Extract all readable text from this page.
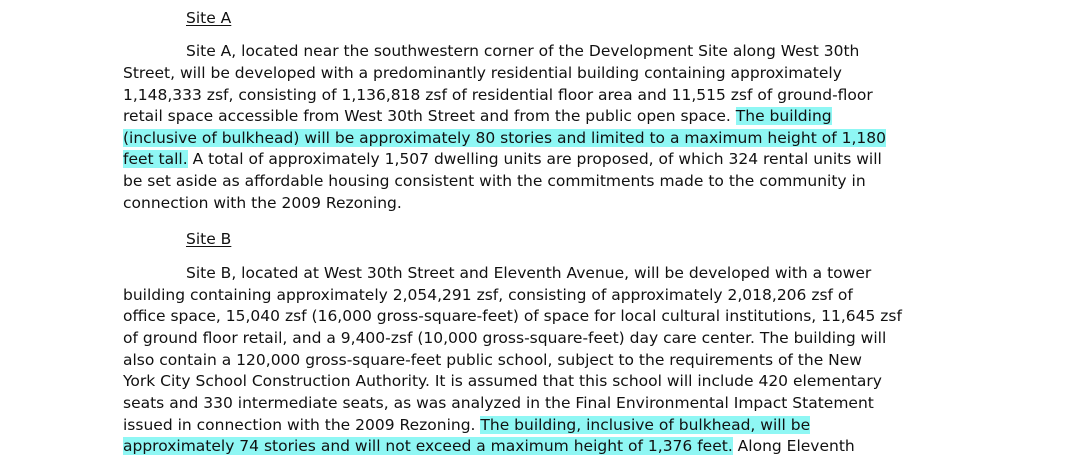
Site A
Site A, located near the southwestern corner of the Development Site along West 30th
Street, will be developed with a predominantly residential building containing approximately
1,148,333 zsf, consisting of 1,136,818 zsf of residential floor area and 11,515 zsf of ground-floor
retail space accessible from West 30th Street and from the public open space. The building
(inclusive of bulkhead) will be approximately 80 stories and limited to a maximum height of 1,180
feet tall. A total of approximately 1,507 dwelling units are proposed, of which 324 rental units will
be set aside as affordable housing consistent with the commitments made to the community in
connection with the 2009 Rezoning.
Site B
Site B, located at West 30th Street and Eleventh Avenue, will be developed with a tower
building containing approximately 2,054,291 zsf, consisting of approximately 2,018,206 zsf of
office space, 15,040 zsf (16,000 gross-square-feet) of space for local cultural institutions, 11,645 zsf
of ground floor retail, and a 9,400-zsf (10,000 gross-square-feet) day care center. The building will
also contain a 120,000 gross-square-feet public school, subject to the requirements of the New
York City School Construction Authority. It is assumed that this school will include 420 elementary
seats and 330 intermediate seats, as was analyzed in the Final Environmental Impact Statement
issued in connection with the 2009 Rezoning. The building, inclusive of bulkhead, will be
approximately 74 stories and will not exceed a maximum height of 1,376 feet. Along Eleventh
